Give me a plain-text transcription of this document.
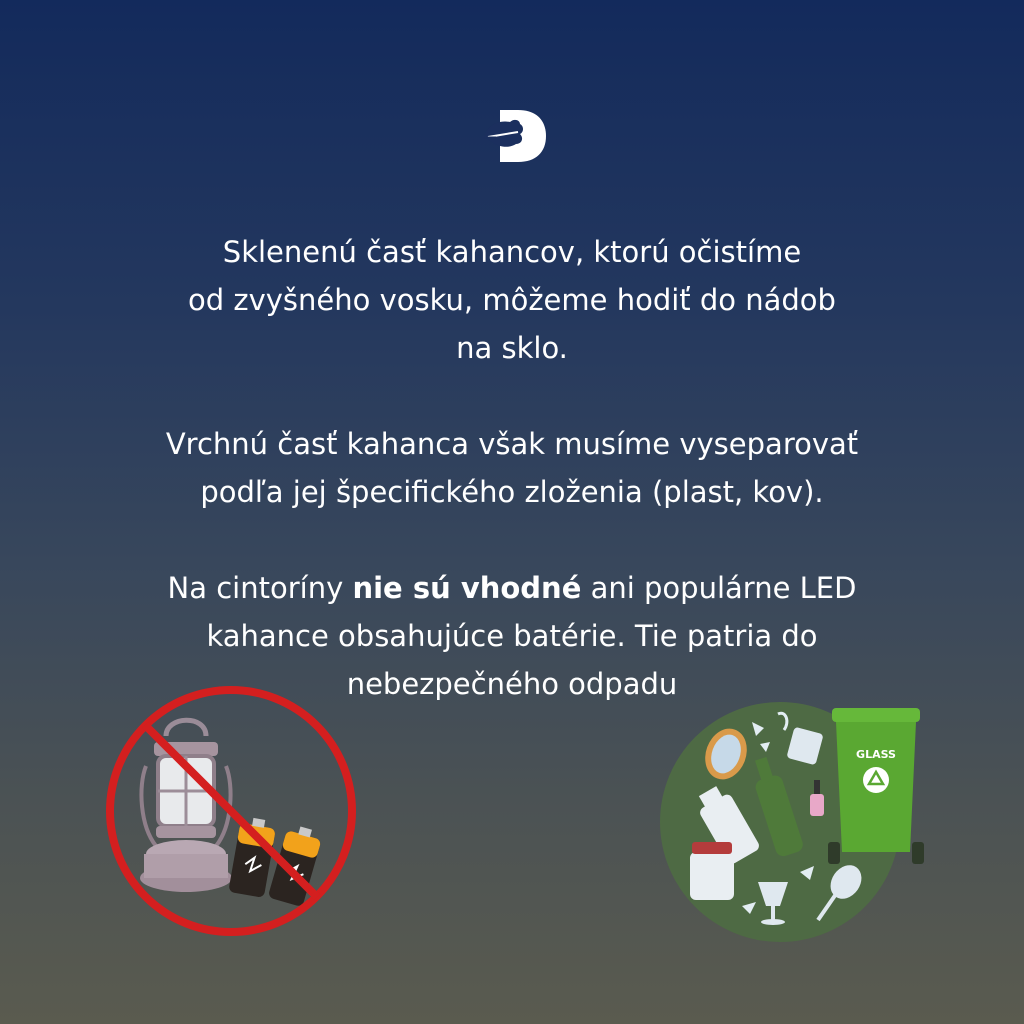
Sklenenú časť kahancov, ktorú očistíme

od zvyšného vosku, môžeme hodiť do nádob

na sklo.

Vrchnú časť kahanca však musíme vyseparovať

podľa jej špecifického zloženia (plast, kov).

Na cintoríny nie sú vhodné ani populárne LED

kahance obsahujúce batérie. Tie patria do

nebezpečného odpadu

GLASS
